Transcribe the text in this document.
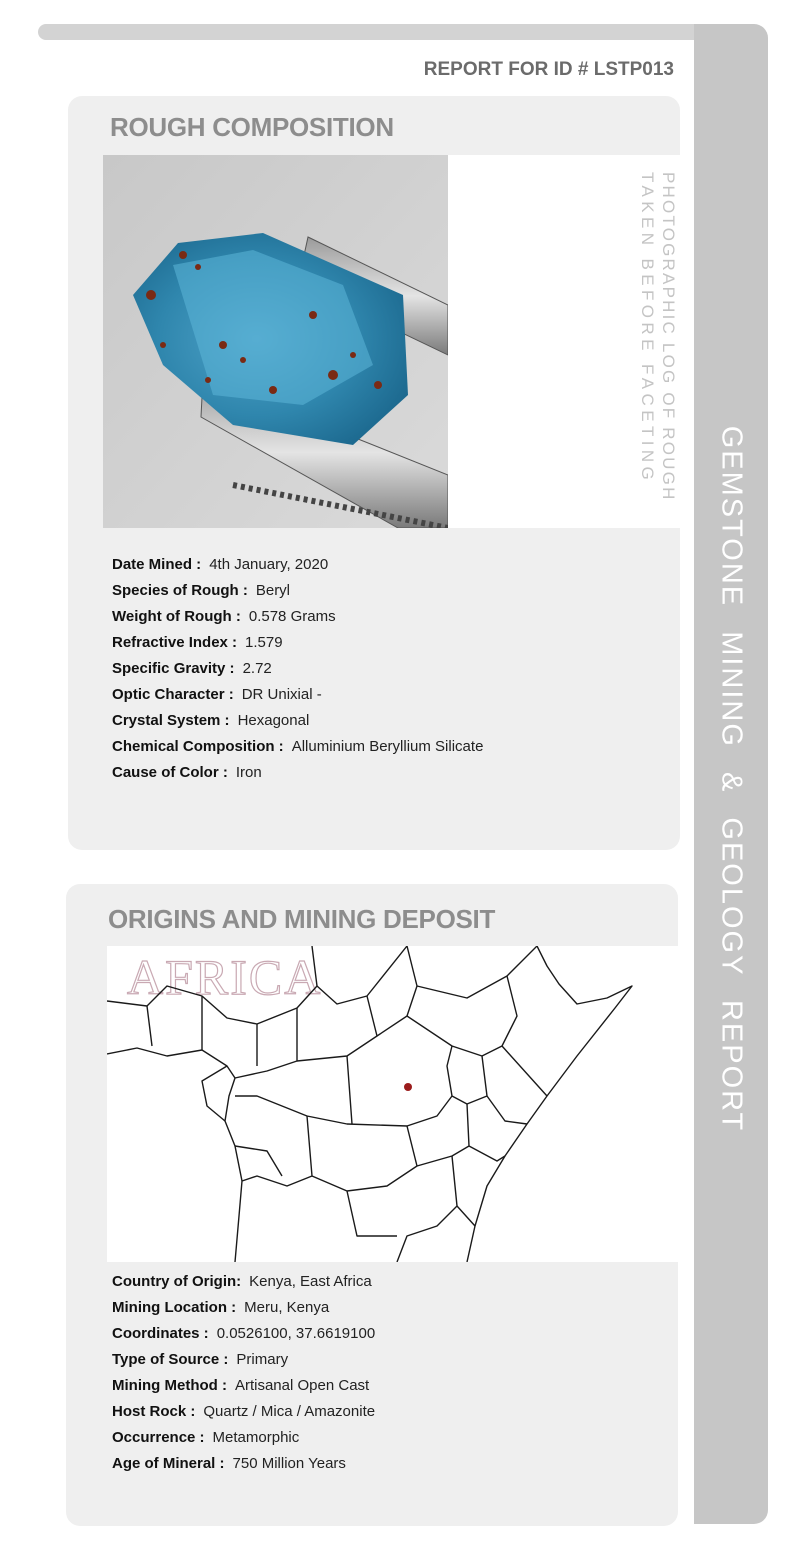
GEMSTONE MINING & GEOLOGY REPORT
REPORT FOR ID # LSTP013
ROUGH COMPOSITION
PHOTOGRAPHIC LOG OF ROUGH
TAKEN BEFORE FACETING
Date Mined : 4th January, 2020
Species of Rough : Beryl
Weight of Rough : 0.578 Grams
Refractive Index : 1.579
Specific Gravity : 2.72
Optic Character : DR Unixial -
Crystal System : Hexagonal
Chemical Composition : Alluminium Beryllium Silicate
Cause of Color : Iron
ORIGINS AND MINING DEPOSIT
AFRICA
Country of Origin: Kenya, East Africa
Mining Location : Meru, Kenya
Coordinates : 0.0526100, 37.6619100
Type of Source : Primary
Mining Method : Artisanal Open Cast
Host Rock : Quartz / Mica / Amazonite
Occurrence : Metamorphic
Age of Mineral : 750 Million Years
